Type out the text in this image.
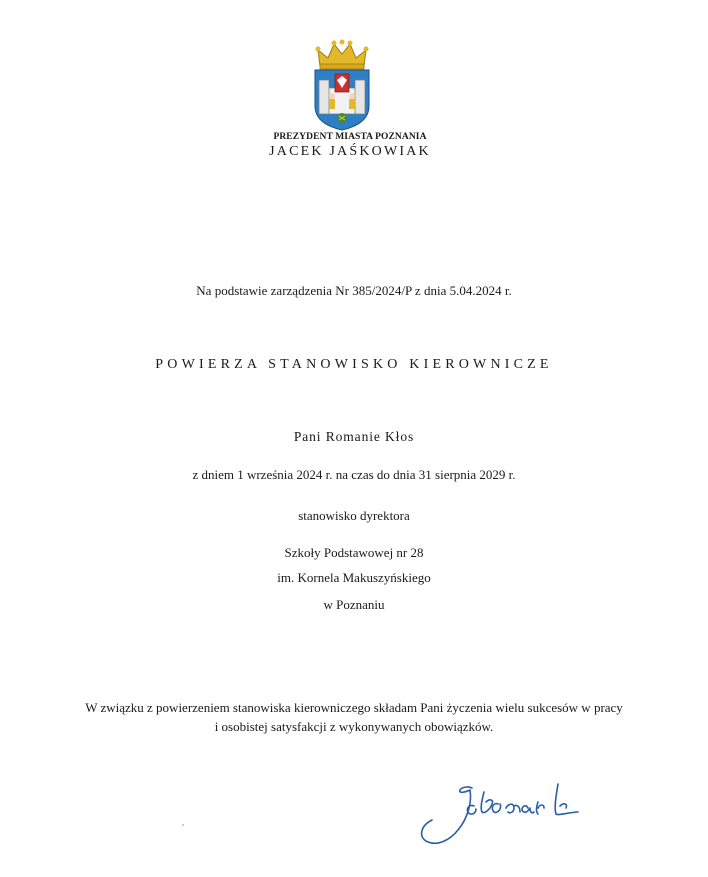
PREZYDENT MIASTA POZNANIA
JACEK JAŚKOWIAK
Na podstawie zarządzenia Nr 385/2024/P z dnia 5.04.2024 r.
POWIERZA STANOWISKO KIEROWNICZE
Pani Romanie Kłos
z dniem 1 września 2024 r. na czas do dnia 31 sierpnia 2029 r.
stanowisko dyrektora
Szkoły Podstawowej nr 28
im. Kornela Makuszyńskiego
w Poznaniu
W związku z powierzeniem stanowiska kierowniczego składam Pani życzenia wielu sukcesów w pracy
i osobistej satysfakcji z wykonywanych obowiązków.
